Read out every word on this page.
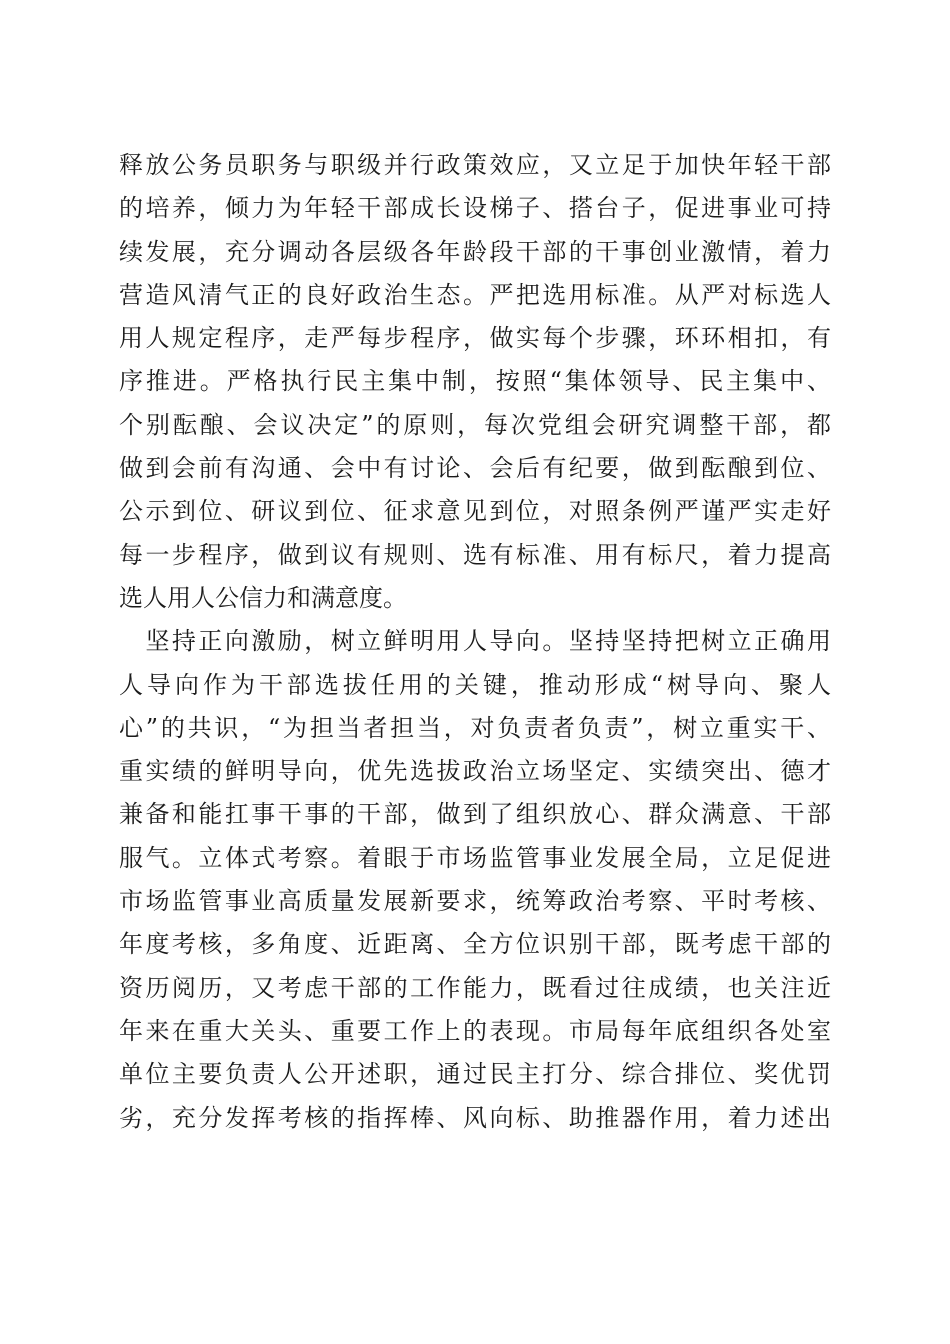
释放公务员职务与职级并行政策效应，又立足于加快年轻干部
的培养，倾力为年轻干部成长设梯子、搭台子，促进事业可持
续发展，充分调动各层级各年龄段干部的干事创业激情，着力
营造风清气正的良好政治生态。严把选用标准。从严对标选人
用人规定程序，走严每步程序，做实每个步骤，环环相扣，有
序推进。严格执行民主集中制，按照“集体领导、民主集中、
个别酝酿、会议决定”的原则，每次党组会研究调整干部，都
做到会前有沟通、会中有讨论、会后有纪要，做到酝酿到位、
公示到位、研议到位、征求意见到位，对照条例严谨严实走好
每一步程序，做到议有规则、选有标准、用有标尺，着力提高
选人用人公信力和满意度。
　坚持正向激励，树立鲜明用人导向。坚持坚持把树立正确用
人导向作为干部选拔任用的关键，推动形成“树导向、聚人
心”的共识，“为担当者担当，对负责者负责”，树立重实干、
重实绩的鲜明导向，优先选拔政治立场坚定、实绩突出、德才
兼备和能扛事干事的干部，做到了组织放心、群众满意、干部
服气。立体式考察。着眼于市场监管事业发展全局，立足促进
市场监管事业高质量发展新要求，统筹政治考察、平时考核、
年度考核，多角度、近距离、全方位识别干部，既考虑干部的
资历阅历，又考虑干部的工作能力，既看过往成绩，也关注近
年来在重大关头、重要工作上的表现。市局每年底组织各处室
单位主要负责人公开述职，通过民主打分、综合排位、奖优罚
劣，充分发挥考核的指挥棒、风向标、助推器作用，着力述出
